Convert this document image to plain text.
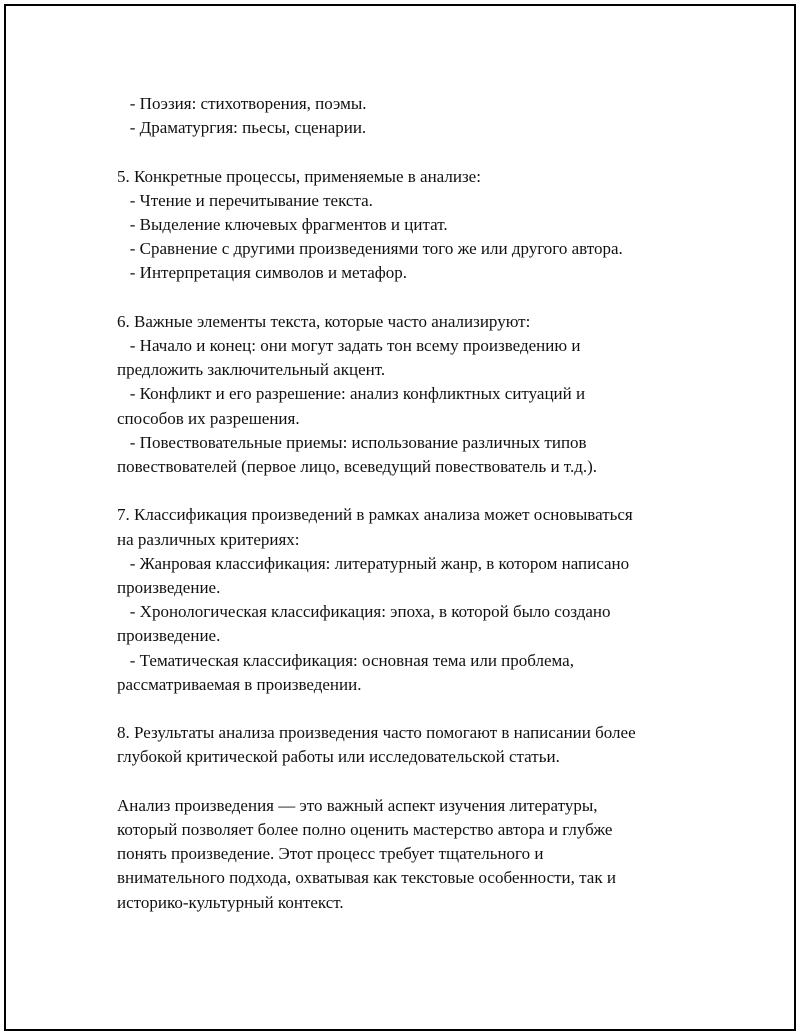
- Поэзия: стихотворения, поэмы.

- Драматургия: пьесы, сценарии.

5. Конкретные процессы, применяемые в анализе:

- Чтение и перечитывание текста.

- Выделение ключевых фрагментов и цитат.

- Сравнение с другими произведениями того же или другого автора.

- Интерпретация символов и метафор.

6. Важные элементы текста, которые часто анализируют:

- Начало и конец: они могут задать тон всему произведению и

предложить заключительный акцент.

- Конфликт и его разрешение: анализ конфликтных ситуаций и

способов их разрешения.

- Повествовательные приемы: использование различных типов

повествователей (первое лицо, всеведущий повествователь и т.д.).

7. Классификация произведений в рамках анализа может основываться

на различных критериях:

- Жанровая классификация: литературный жанр, в котором написано

произведение.

- Хронологическая классификация: эпоха, в которой было создано

произведение.

- Тематическая классификация: основная тема или проблема,

рассматриваемая в произведении.

8. Результаты анализа произведения часто помогают в написании более

глубокой критической работы или исследовательской статьи.

Анализ произведения — это важный аспект изучения литературы,

который позволяет более полно оценить мастерство автора и глубже

понять произведение. Этот процесс требует тщательного и

внимательного подхода, охватывая как текстовые особенности, так и

историко-культурный контекст.
